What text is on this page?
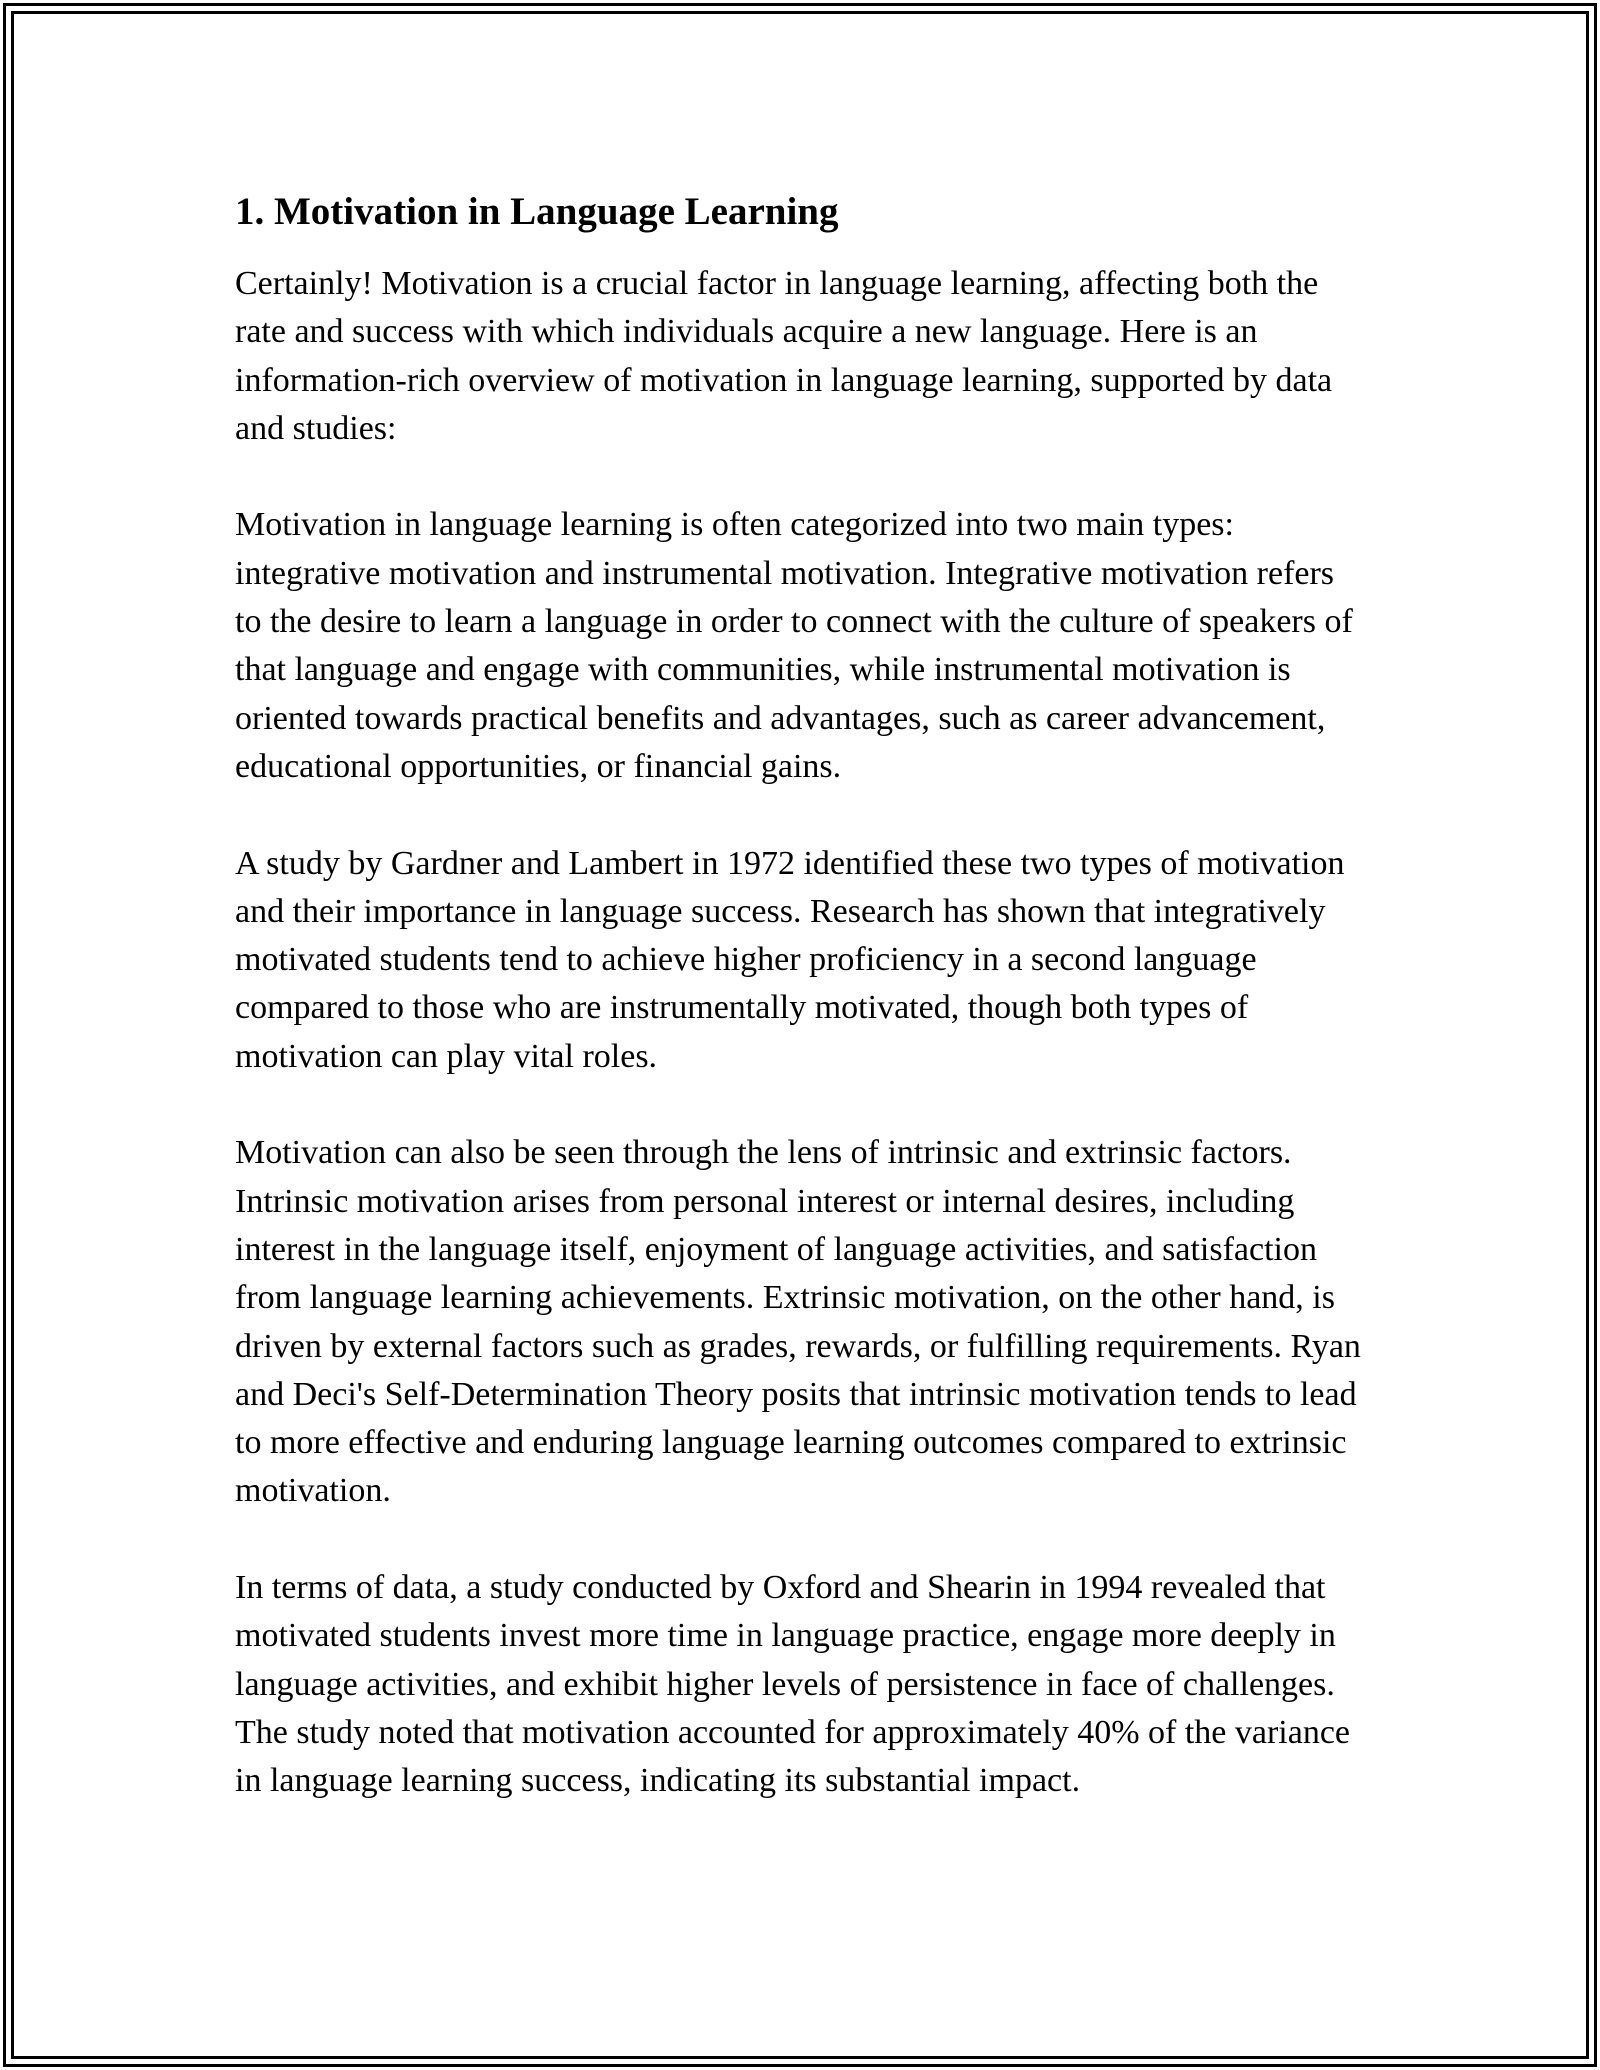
1. Motivation in Language Learning

Certainly! Motivation is a crucial factor in language learning, affecting both the rate and success with which individuals acquire a new language. Here is an information-rich overview of motivation in language learning, supported by data and studies:

Motivation in language learning is often categorized into two main types: integrative motivation and instrumental motivation. Integrative motivation refers to the desire to learn a language in order to connect with the culture of speakers of that language and engage with communities, while instrumental motivation is oriented towards practical benefits and advantages, such as career advancement, educational opportunities, or financial gains.

A study by Gardner and Lambert in 1972 identified these two types of motivation and their importance in language success. Research has shown that integratively motivated students tend to achieve higher proficiency in a second language compared to those who are instrumentally motivated, though both types of motivation can play vital roles.

Motivation can also be seen through the lens of intrinsic and extrinsic factors. Intrinsic motivation arises from personal interest or internal desires, including interest in the language itself, enjoyment of language activities, and satisfaction from language learning achievements. Extrinsic motivation, on the other hand, is driven by external factors such as grades, rewards, or fulfilling requirements. Ryan and Deci's Self-Determination Theory posits that intrinsic motivation tends to lead to more effective and enduring language learning outcomes compared to extrinsic motivation.

In terms of data, a study conducted by Oxford and Shearin in 1994 revealed that motivated students invest more time in language practice, engage more deeply in language activities, and exhibit higher levels of persistence in face of challenges. The study noted that motivation accounted for approximately 40% of the variance in language learning success, indicating its substantial impact.
